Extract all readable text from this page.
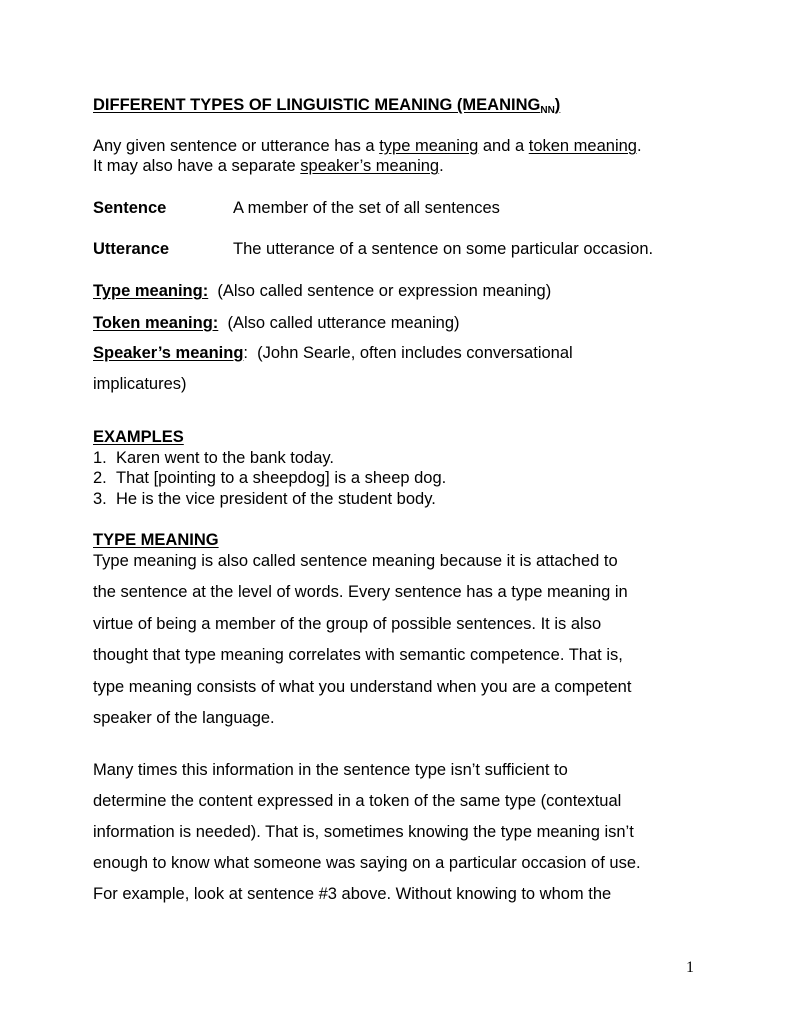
DIFFERENT TYPES OF LINGUISTIC MEANING $(MEANING_{NN})$
Any given sentence or utterance has a type meaning and a token meaning.
It may also have a separate speaker’s meaning.
Sentence	A member of the set of all sentences
Utterance	The utterance of a sentence on some particular occasion.
Type meaning:  (Also called sentence or expression meaning)
Token meaning:  (Also called utterance meaning)
Speaker’s meaning:  (John Searle, often includes conversational
implicatures)
EXAMPLES
1. Karen went to the bank today.
2. That [pointing to a sheepdog] is a sheep dog.
3. He is the vice president of the student body.
TYPE MEANING
Type meaning is also called sentence meaning because it is attached to
the sentence at the level of words. Every sentence has a type meaning in
virtue of being a member of the group of possible sentences. It is also
thought that type meaning correlates with semantic competence. That is,
type meaning consists of what you understand when you are a competent
speaker of the language.
Many times this information in the sentence type isn’t sufficient to
determine the content expressed in a token of the same type (contextual
information is needed). That is, sometimes knowing the type meaning isn’t
enough to know what someone was saying on a particular occasion of use.
For example, look at sentence #3 above. Without knowing to whom the
1
